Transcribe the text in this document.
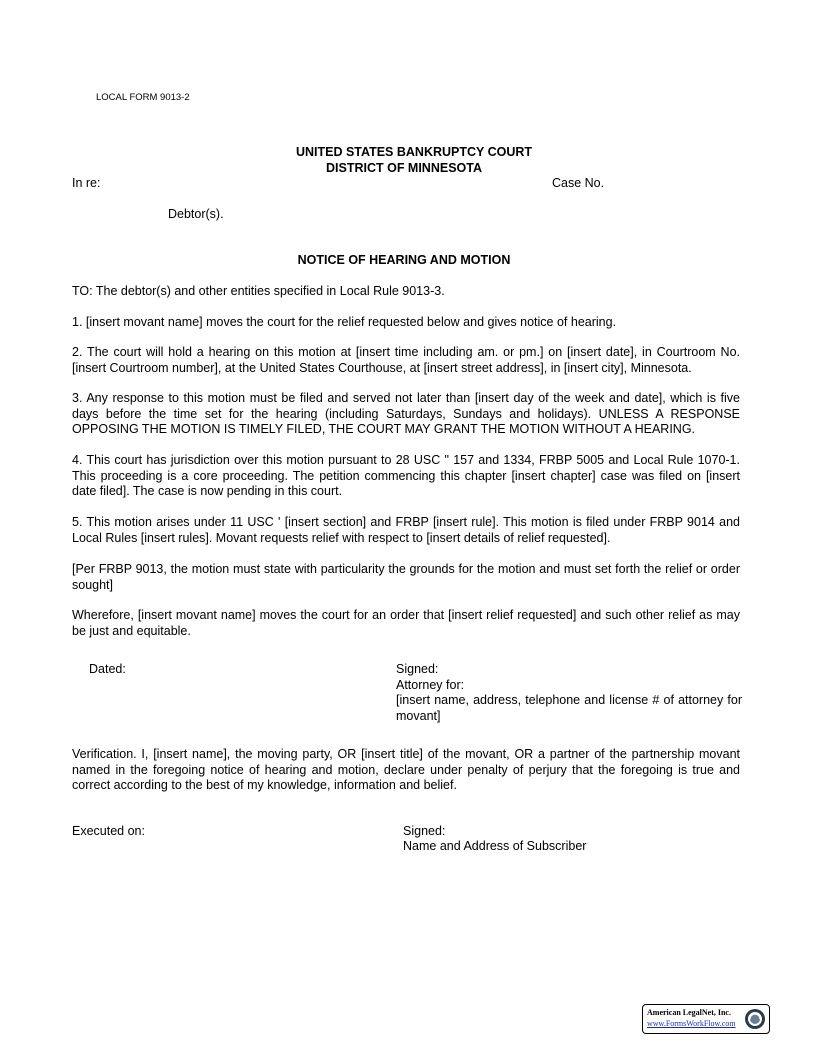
LOCAL FORM 9013-2
UNITED STATES BANKRUPTCY COURT
DISTRICT OF MINNESOTA
In re:	Case No.
Debtor(s).
NOTICE OF HEARING AND MOTION
TO: The debtor(s) and other entities specified in Local Rule 9013-3.
1. [insert movant name] moves the court for the relief requested below and gives notice of hearing.
2. The court will hold a hearing on this motion at [insert time including am. or pm.] on [insert date], in Courtroom No. [insert Courtroom number], at the United States Courthouse, at [insert street address], in [insert city], Minnesota.
3. Any response to this motion must be filed and served not later than [insert day of the week and date], which is five days before the time set for the hearing (including Saturdays, Sundays and holidays). UNLESS A RESPONSE OPPOSING THE MOTION IS TIMELY FILED, THE COURT MAY GRANT THE MOTION WITHOUT A HEARING.
4. This court has jurisdiction over this motion pursuant to 28 USC " 157 and 1334, FRBP 5005 and Local Rule 1070-1. This proceeding is a core proceeding. The petition commencing this chapter [insert chapter] case was filed on [insert date filed]. The case is now pending in this court.
5. This motion arises under 11 USC ' [insert section] and FRBP [insert rule]. This motion is filed under FRBP 9014 and Local Rules [insert rules]. Movant requests relief with respect to [insert details of relief requested].
[Per FRBP 9013, the motion must state with particularity the grounds for the motion and must set forth the relief or order sought]
Wherefore, [insert movant name] moves the court for an order that [insert relief requested] and such other relief as may be just and equitable.
Dated:	Signed:
Attorney for:
[insert name, address, telephone and license # of attorney for movant]
Verification. I, [insert name], the moving party, OR [insert title] of the movant, OR a partner of the partnership movant named in the foregoing notice of hearing and motion, declare under penalty of perjury that the foregoing is true and correct according to the best of my knowledge, information and belief.
Executed on:	Signed:
Name and Address of Subscriber
American LegalNet, Inc.
www.FormsWorkFlow.com
